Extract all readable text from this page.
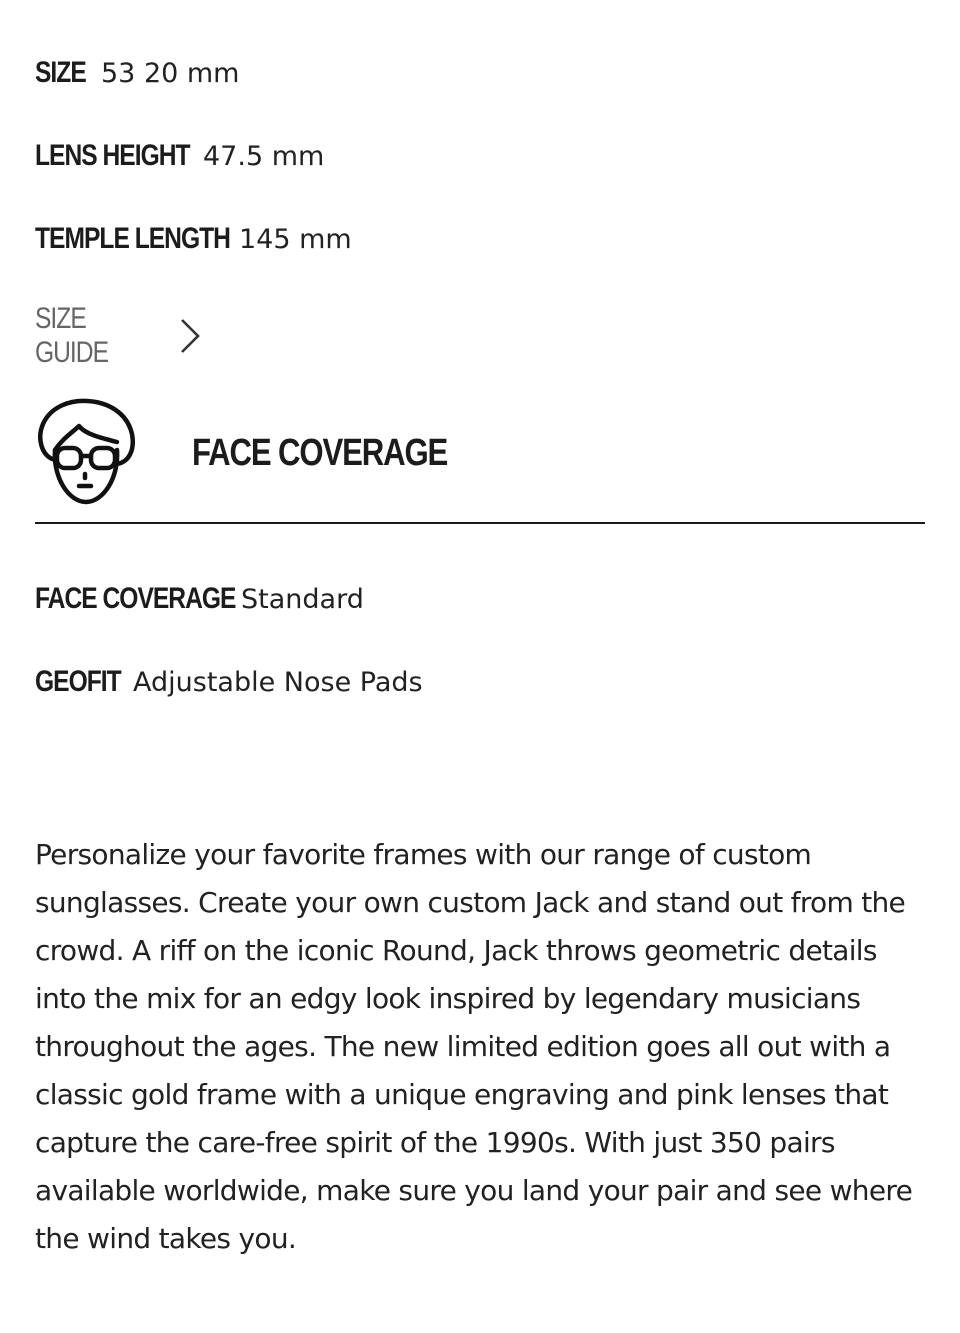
SIZE 53 20 mm
LENS HEIGHT 47.5 mm
TEMPLE LENGTH 145 mm
SIZE GUIDE
FACE COVERAGE
FACE COVERAGE Standard
GEOFIT Adjustable Nose Pads

Personalize your favorite frames with our range of custom sunglasses. Create your own custom Jack and stand out from the crowd. A riff on the iconic Round, Jack throws geometric details into the mix for an edgy look inspired by legendary musicians throughout the ages. The new limited edition goes all out with a classic gold frame with a unique engraving and pink lenses that capture the care-free spirit of the 1990s. With just 350 pairs available worldwide, make sure you land your pair and see where the wind takes you.
